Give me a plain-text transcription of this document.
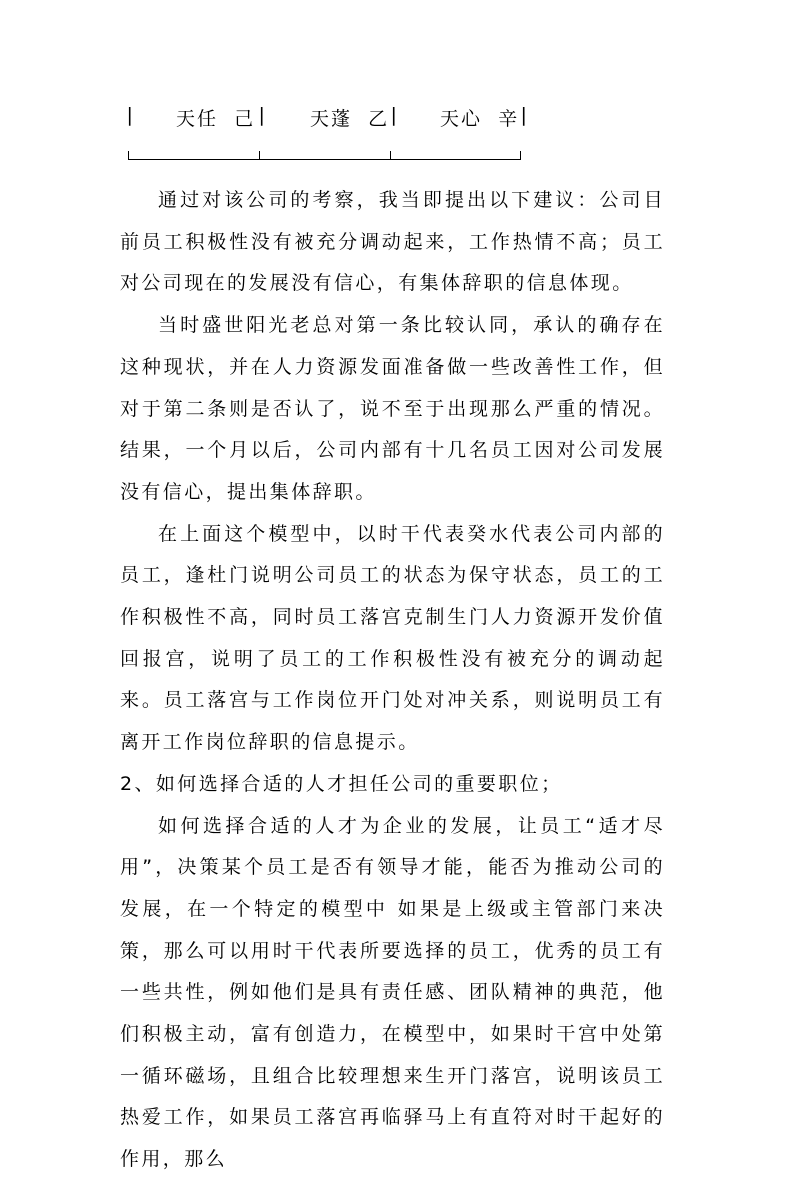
| 天任  己 | 天蓬  乙
| 天心  辛
|

通过对该公司的考察，我当即提出以下建议：公司目前员工积极性没有被充分调动起来，工作热情不高；员工对公司现在的发展没有信心，有集体辞职的信息体现。

当时盛世阳光老总对第一条比较认同，承认的确存在这种现状，并在人力资源发面准备做一些改善性工作，但对于第二条则是否认了，说不至于出现那么严重的情况。结果，一个月以后，公司内部有十几名员工因对公司发展没有信心，提出集体辞职。

在上面这个模型中，以时干代表癸水代表公司内部的员工，逢杜门说明公司员工的状态为保守状态，员工的工作积极性不高，同时员工落宫克制生门人力资源开发价值回报宫，说明了员工的工作积极性没有被充分的调动起来。员工落宫与工作岗位开门处对冲关系，则说明员工有离开工作岗位辞职的信息提示。

2、如何选择合适的人才担任公司的重要职位；

如何选择合适的人才为企业的发展，让员工“适才尽用”，决策某个员工是否有领导才能，能否为推动公司的发展，在一个特定的模型中 如果是上级或主管部门来决策，那么可以用时干代表所要选择的员工，优秀的员工有一些共性，例如他们是具有责任感、团队精神的典范，他们积极主动，富有创造力，在模型中，如果时干宫中处第一循环磁场，且组合比较理想来生开门落宫，说明该员工热爱工作，如果员工落宫再临驿马上有直符对时干起好的作用，那么
